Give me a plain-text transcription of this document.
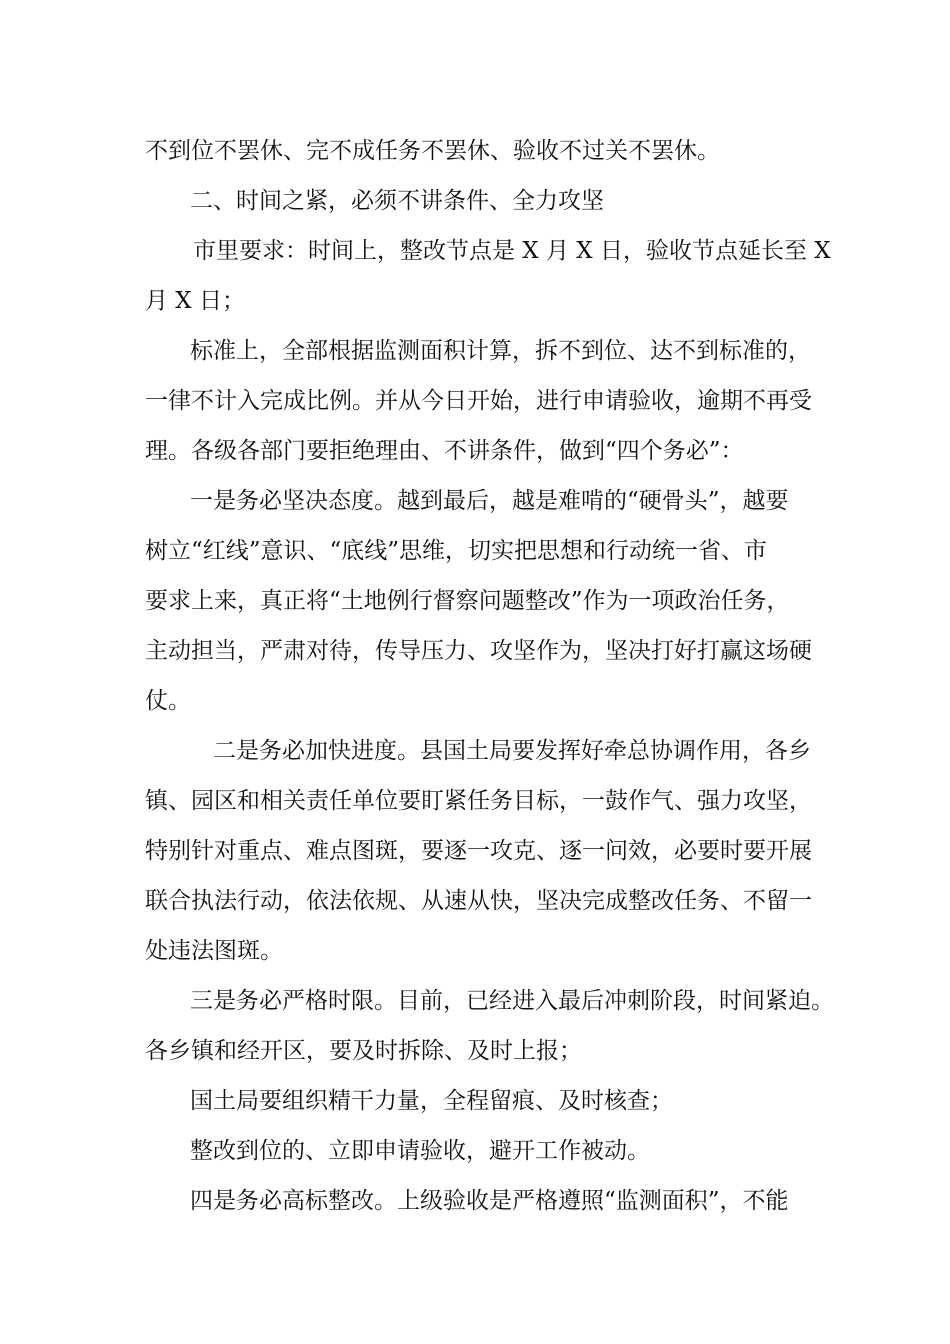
不到位不罢休、完不成任务不罢休、验收不过关不罢休。

二、时间之紧，必须不讲条件、全力攻坚

市里要求：时间上，整改节点是 X 月 X 日，验收节点延长至 X

月 X 日；

标准上，全部根据监测面积计算，拆不到位、达不到标准的，

一律不计入完成比例。并从今日开始，进行申请验收，逾期不再受

理。各级各部门要拒绝理由、不讲条件，做到“四个务必”：

一是务必坚决态度。越到最后，越是难啃的“硬骨头”，越要

树立“红线”意识、“底线”思维，切实把思想和行动统一省、市

要求上来，真正将“土地例行督察问题整改”作为一项政治任务，

主动担当，严肃对待，传导压力、攻坚作为，坚决打好打赢这场硬

仗。

二是务必加快进度。县国土局要发挥好牵总协调作用，各乡

镇、园区和相关责任单位要盯紧任务目标，一鼓作气、强力攻坚，

特别针对重点、难点图斑，要逐一攻克、逐一问效，必要时要开展

联合执法行动，依法依规、从速从快，坚决完成整改任务、不留一

处违法图斑。

三是务必严格时限。目前，已经进入最后冲刺阶段，时间紧迫。

各乡镇和经开区，要及时拆除、及时上报；

国土局要组织精干力量，全程留痕、及时核查；

整改到位的、立即申请验收，避开工作被动。

四是务必高标整改。上级验收是严格遵照“监测面积”，不能
